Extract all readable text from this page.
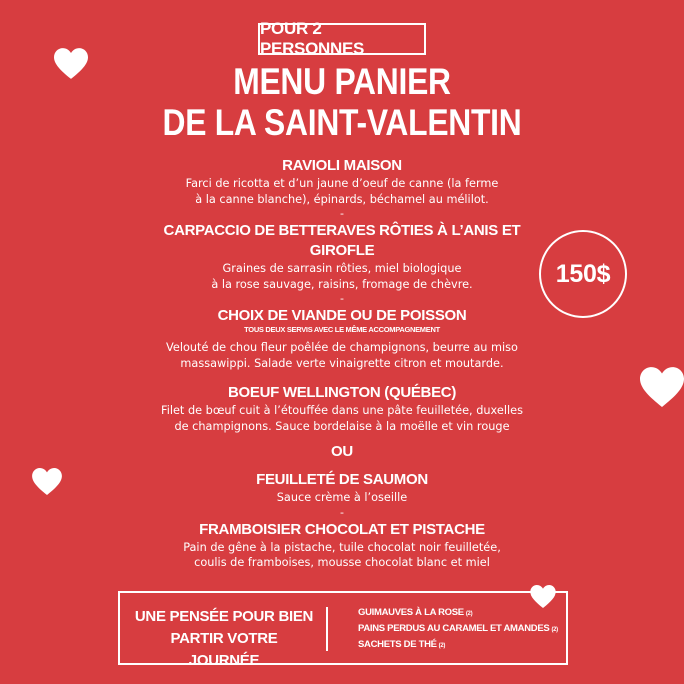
POUR 2 PERSONNES
MENU PANIER
DE LA SAINT-VALENTIN
RAVIOLI MAISON
Farci de ricotta et d’un jaune d’oeuf de canne (la ferme
à la canne blanche), épinards, béchamel au mélilot.
-
CARPACCIO DE BETTERAVES RÔTIES À L’ANIS ET GIROFLE
Graines de sarrasin rôties, miel biologique
à la rose sauvage, raisins, fromage de chèvre.
-
CHOIX DE VIANDE OU DE POISSON
TOUS DEUX SERVIS AVEC LE MÊME ACCOMPAGNEMENT
Velouté de chou fleur poêlée de champignons, beurre au miso
massawippi. Salade verte vinaigrette citron et moutarde.
BOEUF WELLINGTON (QUÉBEC)
Filet de bœuf cuit à l’étouffée dans une pâte feuilletée, duxelles
de champignons. Sauce bordelaise à la moëlle et vin rouge
OU
FEUILLETÉ DE SAUMON
Sauce crème à l’oseille
-
FRAMBOISIER CHOCOLAT ET PISTACHE
Pain de gêne à la pistache, tuile chocolat noir feuilletée,
coulis de framboises, mousse chocolat blanc et miel
150$
UNE PENSÉE POUR BIEN
PARTIR VOTRE JOURNÉE
GUIMAUVES À LA ROSE $^{(2)}$
PAINS PERDUS AU CARAMEL ET AMANDES $^{(2)}$
SACHETS DE THÉ $^{(2)}$
